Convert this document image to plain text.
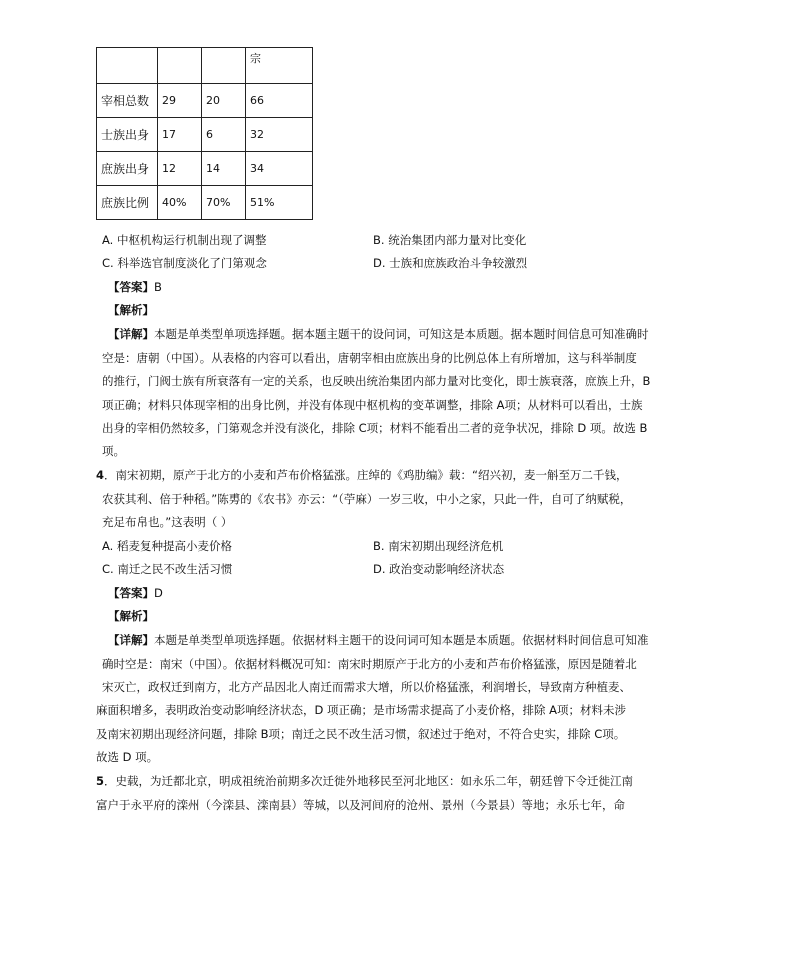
			宗
宰相总数	29	20	66
士族出身	17	6	32
庶族出身	12	14	34
庶族比例	40%	70%	51%
A. 中枢机构运行机制出现了调整	B. 统治集团内部力量对比变化
C. 科举选官制度淡化了门第观念	D. 士族和庶族政治斗争较激烈
【答案】B
【解析】
【详解】本题是单类型单项选择题。据本题主题干的设问词，可知这是本质题。据本题时间信息可知准确时
空是：唐朝（中国）。从表格的内容可以看出，唐朝宰相由庶族出身的比例总体上有所增加，这与科举制度
的推行，门阀士族有所衰落有一定的关系，也反映出统治集团内部力量对比变化，即士族衰落，庶族上升，B
项正确；材料只体现宰相的出身比例，并没有体现中枢机构的变革调整，排除 A项；从材料可以看出，士族
出身的宰相仍然较多，门第观念并没有淡化，排除 C项；材料不能看出二者的竞争状况，排除 D 项。故选 B
项。
4．南宋初期，原产于北方的小麦和芦布价格猛涨。庄绰的《鸡肋编》载：“绍兴初，麦一斛至万二千钱，
农获其利、倍于种稻。”陈旉的《农书》亦云：“（苧麻）一岁三收，中小之家，只此一件，自可了纳赋税，
充足布帛也。”这表明（ ）
A. 稻麦复种提高小麦价格	B. 南宋初期出现经济危机
C. 南迁之民不改生活习惯	D. 政治变动影响经济状态
【答案】D
【解析】
【详解】本题是单类型单项选择题。依据材料主题干的设问词可知本题是本质题。依据材料时间信息可知准
确时空是：南宋（中国）。依据材料概况可知：南宋时期原产于北方的小麦和芦布价格猛涨，原因是随着北
宋灭亡，政权迁到南方，北方产品因北人南迁而需求大增，所以价格猛涨，利润增长，导致南方种植麦、
麻面积增多，表明政治变动影响经济状态，D 项正确；是市场需求提高了小麦价格，排除 A项；材料未涉
及南宋初期出现经济问题，排除 B项；南迁之民不改生活习惯，叙述过于绝对，不符合史实，排除 C项。
故选 D 项。
5．史载，为迁都北京，明成祖统治前期多次迁徙外地移民至河北地区：如永乐二年，朝廷曾下令迁徙江南
富户于永平府的滦州（今滦县、滦南县）等城，以及河间府的沧州、景州（今景县）等地；永乐七年，命
